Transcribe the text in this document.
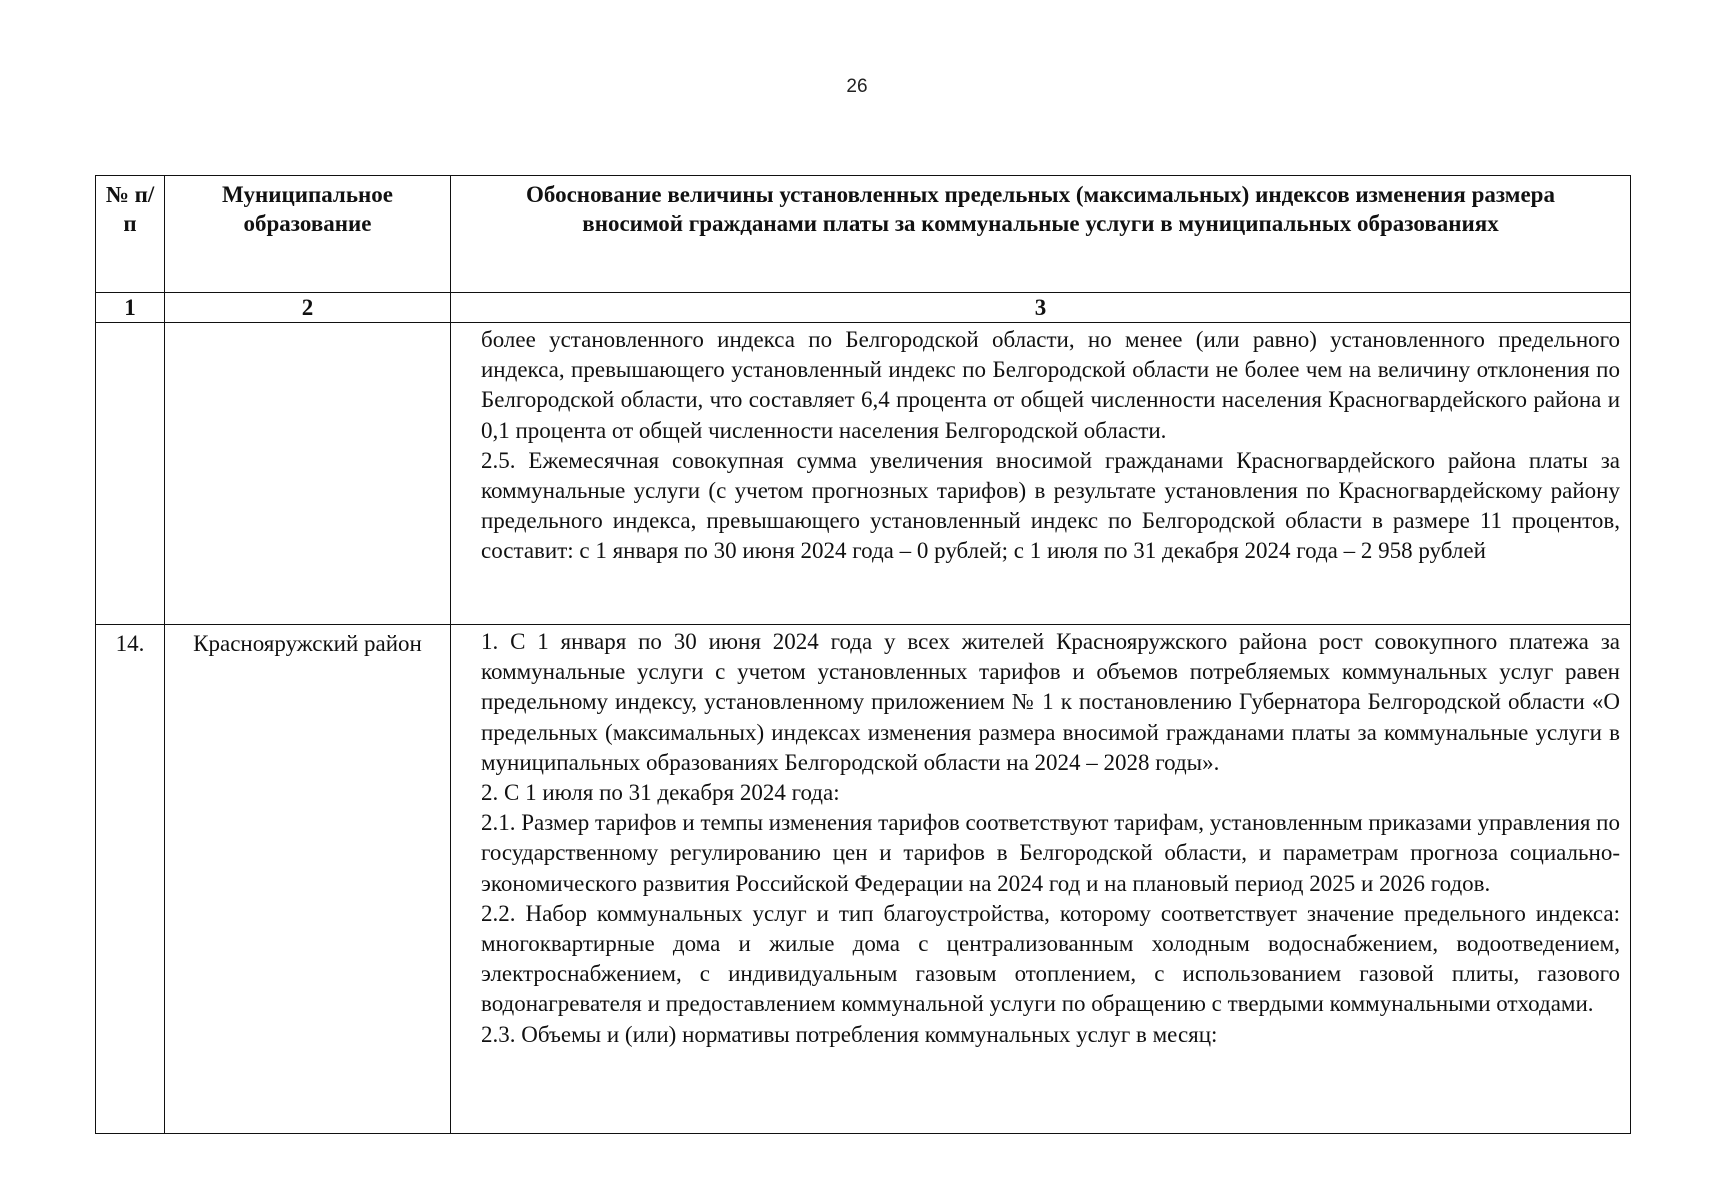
26
№ п/п	Муниципальное образование	Обоснование величины установленных предельных (максимальных) индексов изменения размера вносимой гражданами платы за коммунальные услуги в муниципальных образованиях

1	2	3

		более установленного индекса по Белгородской области, но менее (или равно) установленного предельного индекса, превышающего установленный индекс по Белгородской области не более чем на величину отклонения по Белгородской области, что составляет 6,4 процента от общей численности населения Красногвардейского района и 0,1 процента от общей численности населения Белгородской области.

2.5. Ежемесячная совокупная сумма увеличения вносимой гражданами Красногвардейского района платы за коммунальные услуги (с учетом прогнозных тарифов) в результате установления по Красногвардейскому району предельного индекса, превышающего установленный индекс по Белгородской области в размере 11 процентов, составит: с 1 января по 30 июня 2024 года – 0 рублей; с 1 июля по 31 декабря 2024 года – 2 958 рублей

14.	Краснояружский район	1. С 1 января по 30 июня 2024 года у всех жителей Краснояружского района рост совокупного платежа за коммунальные услуги с учетом установленных тарифов и объемов потребляемых коммунальных услуг равен предельному индексу, установленному приложением № 1 к постановлению Губернатора Белгородской области «О предельных (максимальных) индексах изменения размера вносимой гражданами платы за коммунальные услуги в муниципальных образованиях Белгородской области на 2024 – 2028 годы».

2. С 1 июля по 31 декабря 2024 года:

2.1. Размер тарифов и темпы изменения тарифов соответствуют тарифам, установленным приказами управления по государственному регулированию цен и тарифов в Белгородской области, и параметрам прогноза социально-экономического развития Российской Федерации на 2024 год и на плановый период 2025 и 2026 годов.

2.2. Набор коммунальных услуг и тип благоустройства, которому соответствует значение предельного индекса: многоквартирные дома и жилые дома с централизованным холодным водоснабжением, водоотведением, электроснабжением, с индивидуальным газовым отоплением, с использованием газовой плиты, газового водонагревателя и предоставлением коммунальной услуги по обращению с твердыми коммунальными отходами.

2.3. Объемы и (или) нормативы потребления коммунальных услуг в месяц:
